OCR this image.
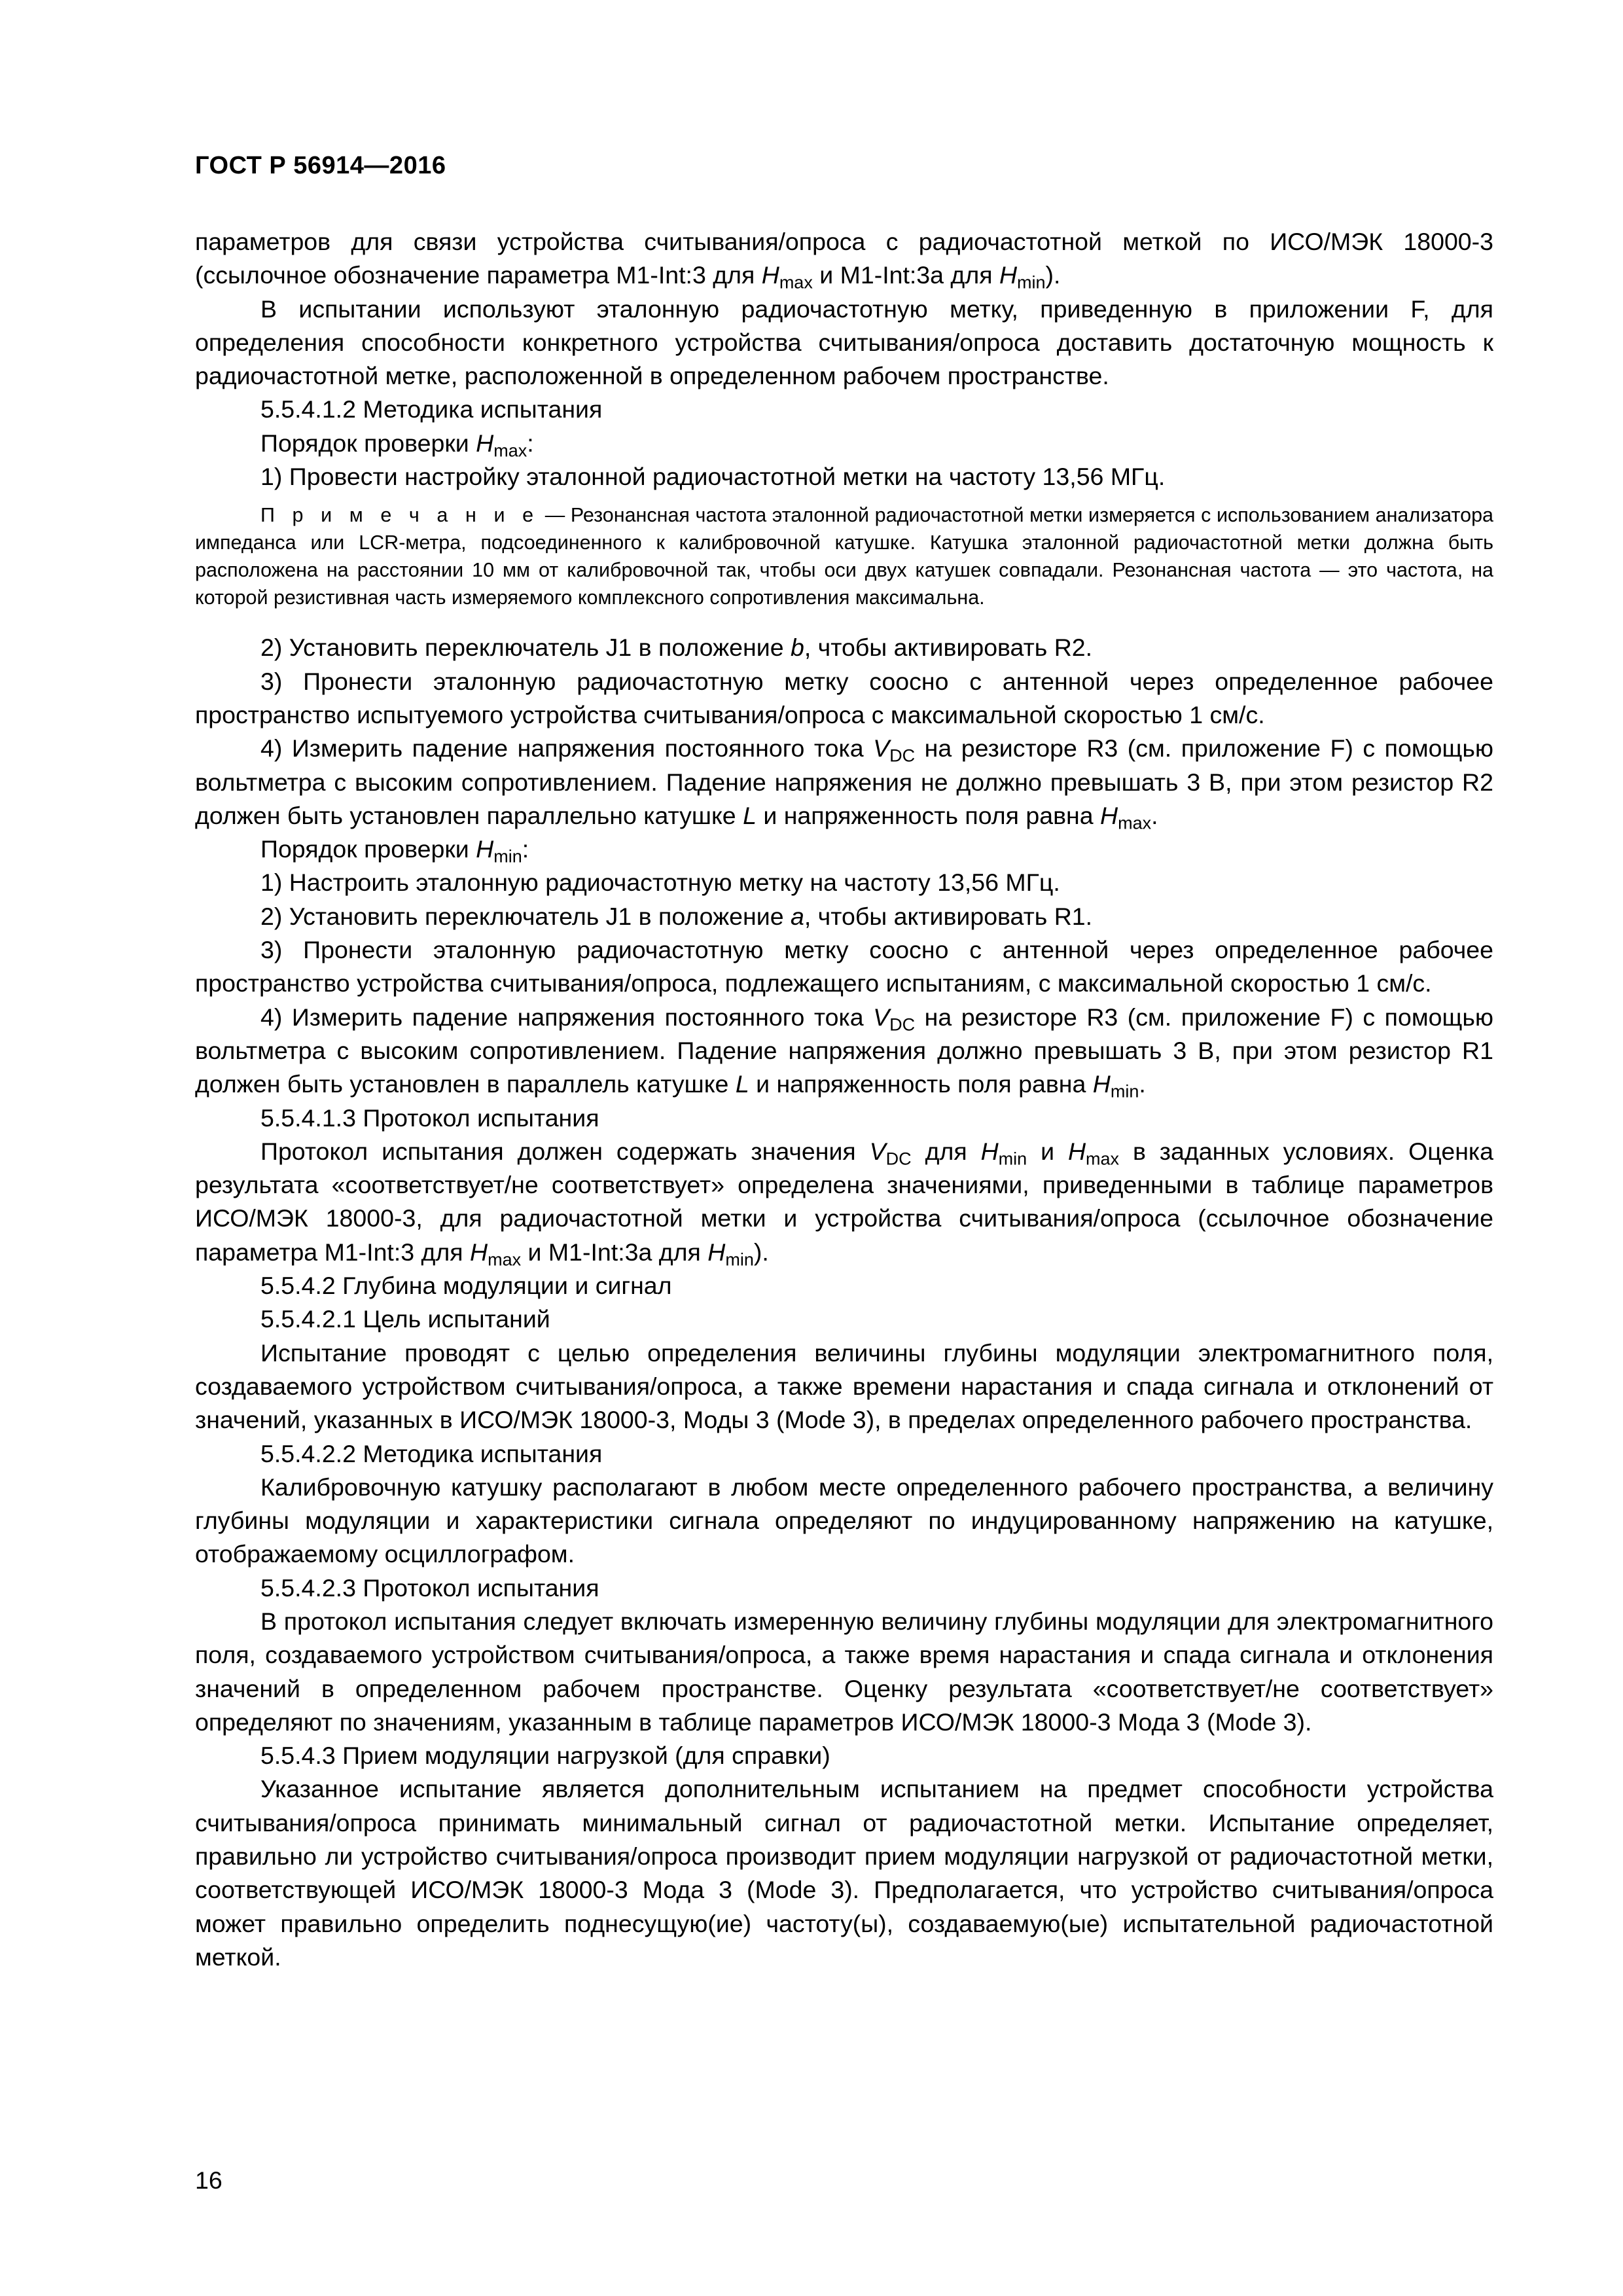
ГОСТ Р 56914—2016

параметров для связи устройства считывания/опроса с радиочастотной меткой по ИСО/МЭК 18000-3 (ссылочное обозначение параметра M1-Int:3 для $H_{max}$ и M1-Int:3a для $H_{min}$).

В испытании используют эталонную радиочастотную метку, приведенную в приложении F, для определения способности конкретного устройства считывания/опроса доставить достаточную мощность к радиочастотной метке, расположенной в определенном рабочем пространстве.

5.5.4.1.2 Методика испытания

Порядок проверки $H_{max}$:

1) Провести настройку эталонной радиочастотной метки на частоту 13,56 МГц.

П р и м е ч а н и е — Резонансная частота эталонной радиочастотной метки измеряется с использованием анализатора импеданса или LCR-метра, подсоединенного к калибровочной катушке. Катушка эталонной радиочастотной метки должна быть расположена на расстоянии 10 мм от калибровочной так, чтобы оси двух катушек совпадали. Резонансная частота — это частота, на которой резистивная часть измеряемого комплексного сопротивления максимальна.

2) Установить переключатель J1 в положение b, чтобы активировать R2.

3) Пронести эталонную радиочастотную метку соосно с антенной через определенное рабочее пространство испытуемого устройства считывания/опроса с максимальной скоростью 1 см/с.

4) Измерить падение напряжения постоянного тока $V_{DC}$ на резисторе R3 (см. приложение F) с помощью вольтметра с высоким сопротивлением. Падение напряжения не должно превышать 3 В, при этом резистор R2 должен быть установлен параллельно катушке L и напряженность поля равна $H_{max}$.

Порядок проверки $H_{min}$:

1) Настроить эталонную радиочастотную метку на частоту 13,56 МГц.

2) Установить переключатель J1 в положение a, чтобы активировать R1.

3) Пронести эталонную радиочастотную метку соосно с антенной через определенное рабочее пространство устройства считывания/опроса, подлежащего испытаниям, с максимальной скоростью 1 см/с.

4) Измерить падение напряжения постоянного тока $V_{DC}$ на резисторе R3 (см. приложение F) с помощью вольтметра с высоким сопротивлением. Падение напряжения должно превышать 3 В, при этом резистор R1 должен быть установлен в параллель катушке L и напряженность поля равна $H_{min}$.

5.5.4.1.3 Протокол испытания

Протокол испытания должен содержать значения $V_{DC}$ для $H_{min}$ и $H_{max}$ в заданных условиях. Оценка результата «соответствует/не соответствует» определена значениями, приведенными в таблице параметров ИСО/МЭК 18000-3, для радиочастотной метки и устройства считывания/опроса (ссылочное обозначение параметра M1-Int:3 для $H_{max}$ и M1-Int:3a для $H_{min}$).

5.5.4.2 Глубина модуляции и сигнал

5.5.4.2.1 Цель испытаний

Испытание проводят с целью определения величины глубины модуляции электромагнитного поля, создаваемого устройством считывания/опроса, а также времени нарастания и спада сигнала и отклонений от значений, указанных в ИСО/МЭК 18000-3, Моды 3 (Mode 3), в пределах определенного рабочего пространства.

5.5.4.2.2 Методика испытания

Калибровочную катушку располагают в любом месте определенного рабочего пространства, а величину глубины модуляции и характеристики сигнала определяют по индуцированному напряжению на катушке, отображаемому осциллографом.

5.5.4.2.3 Протокол испытания

В протокол испытания следует включать измеренную величину глубины модуляции для электромагнитного поля, создаваемого устройством считывания/опроса, а также время нарастания и спада сигнала и отклонения значений в определенном рабочем пространстве. Оценку результата «соответствует/не соответствует» определяют по значениям, указанным в таблице параметров ИСО/МЭК 18000-3 Мода 3 (Mode 3).

5.5.4.3 Прием модуляции нагрузкой (для справки)

Указанное испытание является дополнительным испытанием на предмет способности устройства считывания/опроса принимать минимальный сигнал от радиочастотной метки. Испытание определяет, правильно ли устройство считывания/опроса производит прием модуляции нагрузкой от радиочастотной метки, соответствующей ИСО/МЭК 18000-3 Мода 3 (Mode 3). Предполагается, что устройство считывания/опроса может правильно определить поднесущую(ие) частоту(ы), создаваемую(ые) испытательной радиочастотной меткой.

16
